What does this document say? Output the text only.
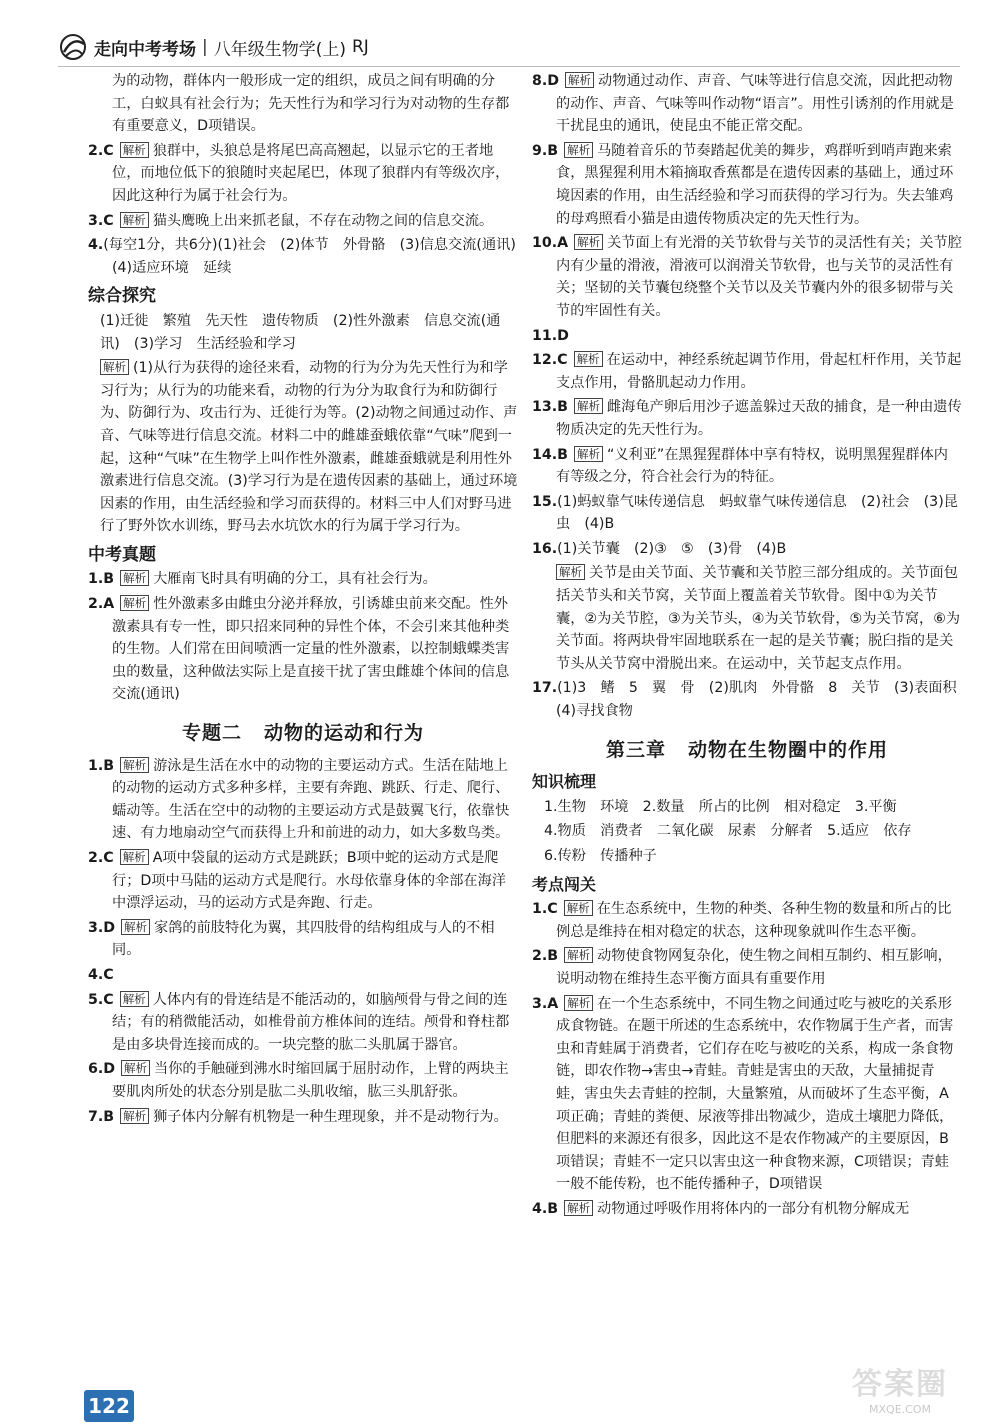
走向中考考场 | 八年级生物学(上) RJ

为的动物，群体内一般形成一定的组织，成员之间有明确的分工，白蚁具有社会行为；先天性行为和学习行为对动物的生存都有重要意义，D项错误。

2.C 解析 狼群中，头狼总是将尾巴高高翘起，以显示它的王者地位，而地位低下的狼随时夹起尾巴，体现了狼群内有等级次序，因此这种行为属于社会行为。

3.C 解析 猫头鹰晚上出来抓老鼠，不存在动物之间的信息交流。

4.(每空1分，共6分)(1)社会　(2)体节　外骨骼　(3)信息交流(通讯)　(4)适应环境　延续

综合探究

(1)迁徙　繁殖　先天性　遗传物质　(2)性外激素　信息交流(通讯)　(3)学习　生活经验和学习

解析 (1)从行为获得的途径来看，动物的行为分为先天性行为和学习行为；从行为的功能来看，动物的行为分为取食行为和防御行为、防御行为、攻击行为、迁徙行为等。(2)动物之间通过动作、声音、气味等进行信息交流。材料二中的雌雄蚕蛾依靠“气味”爬到一起，这种“气味”在生物学上叫作性外激素，雌雄蚕蛾就是利用性外激素进行信息交流。(3)学习行为是在遗传因素的基础上，通过环境因素的作用，由生活经验和学习而获得的。材料三中人们对野马进行了野外饮水训练，野马去水坑饮水的行为属于学习行为。

中考真题

1.B 解析 大雁南飞时具有明确的分工，具有社会行为。

2.A 解析 性外激素多由雌虫分泌并释放，引诱雄虫前来交配。性外激素具有专一性，即只招来同种的异性个体，不会引来其他种类的生物。人们常在田间喷洒一定量的性外激素，以控制蛾蝶类害虫的数量，这种做法实际上是直接干扰了害虫雌雄个体间的信息交流(通讯)

专题二 动物的运动和行为

1.B 解析 游泳是生活在水中的动物的主要运动方式。生活在陆地上的动物的运动方式多种多样，主要有奔跑、跳跃、行走、爬行、蠕动等。生活在空中的动物的主要运动方式是鼓翼飞行，依靠快速、有力地扇动空气而获得上升和前进的动力，如大多数鸟类。

2.C 解析 A项中袋鼠的运动方式是跳跃；B项中蛇的运动方式是爬行；D项中马陆的运动方式是爬行。水母依靠身体的伞部在海洋中漂浮运动，马的运动方式是奔跑、行走。

3.D 解析 家鸽的前肢特化为翼，其四肢骨的结构组成与人的不相同。

4.C

5.C 解析 人体内有的骨连结是不能活动的，如脑颅骨与骨之间的连结；有的稍微能活动，如椎骨前方椎体间的连结。颅骨和脊柱都是由多块骨连接而成的。一块完整的肱二头肌属于器官。

6.D 解析 当你的手触碰到沸水时缩回属于屈肘动作，上臂的两块主要肌肉所处的状态分别是肱二头肌收缩，肱三头肌舒张。

7.B 解析 狮子体内分解有机物是一种生理现象，并不是动物行为。

8.D 解析 动物通过动作、声音、气味等进行信息交流，因此把动物的动作、声音、气味等叫作动物“语言”。用性引诱剂的作用就是干扰昆虫的通讯，使昆虫不能正常交配。

9.B 解析 马随着音乐的节奏踏起优美的舞步，鸡群听到哨声跑来索食，黑猩猩利用木箱摘取香蕉都是在遗传因素的基础上，通过环境因素的作用，由生活经验和学习而获得的学习行为。失去雏鸡的母鸡照看小猫是由遗传物质决定的先天性行为。

10.A 解析 关节面上有光滑的关节软骨与关节的灵活性有关；关节腔内有少量的滑液，滑液可以润滑关节软骨，也与关节的灵活性有关；坚韧的关节囊包绕整个关节以及关节囊内外的很多韧带与关节的牢固性有关。

11.D

12.C 解析 在运动中，神经系统起调节作用，骨起杠杆作用，关节起支点作用，骨骼肌起动力作用。

13.B 解析 雌海龟产卵后用沙子遮盖躲过天敌的捕食，是一种由遗传物质决定的先天性行为。

14.B 解析 “义利亚”在黑猩猩群体中享有特权，说明黑猩猩群体内有等级之分，符合社会行为的特征。

15.(1)蚂蚁靠气味传递信息　蚂蚁靠气味传递信息　(2)社会　(3)昆虫　(4)B

16.(1)关节囊　(2)③　⑤　(3)骨　(4)B

解析 关节是由关节面、关节囊和关节腔三部分组成的。关节面包括关节头和关节窝，关节面上覆盖着关节软骨。图中①为关节囊，②为关节腔，③为关节头，④为关节软骨，⑤为关节窝，⑥为关节面。将两块骨牢固地联系在一起的是关节囊；脱臼指的是关节头从关节窝中滑脱出来。在运动中，关节起支点作用。

17.(1)3　鳍　5　翼　骨　(2)肌肉　外骨骼　8　关节　(3)表面积　(4)寻找食物

第三章 动物在生物圈中的作用
知识梳理

1.生物　环境　2.数量　所占的比例　相对稳定　3.平衡

4.物质　消费者　二氧化碳　尿素　分解者　5.适应　依存

6.传粉　传播种子

考点闯关

1.C 解析 在生态系统中，生物的种类、各种生物的数量和所占的比例总是维持在相对稳定的状态，这种现象就叫作生态平衡。

2.B 解析 动物使食物网复杂化，使生物之间相互制约、相互影响，说明动物在维持生态平衡方面具有重要作用

3.A 解析 在一个生态系统中，不同生物之间通过吃与被吃的关系形成食物链。在题干所述的生态系统中，农作物属于生产者，而害虫和青蛙属于消费者，它们存在吃与被吃的关系，构成一条食物链，即农作物→害虫→青蛙。青蛙是害虫的天敌，大量捕捉青蛙，害虫失去青蛙的控制，大量繁殖，从而破坏了生态平衡，A项正确；青蛙的粪便、尿液等排出物减少，造成土壤肥力降低，但肥料的来源还有很多，因此这不是农作物减产的主要原因，B项错误；青蛙不一定只以害虫这一种食物来源，C项错误；青蛙一般不能传粉，也不能传播种子，D项错误

4.B 解析 动物通过呼吸作用将体内的一部分有机物分解成无

122
答案圈
MXQE.COM
